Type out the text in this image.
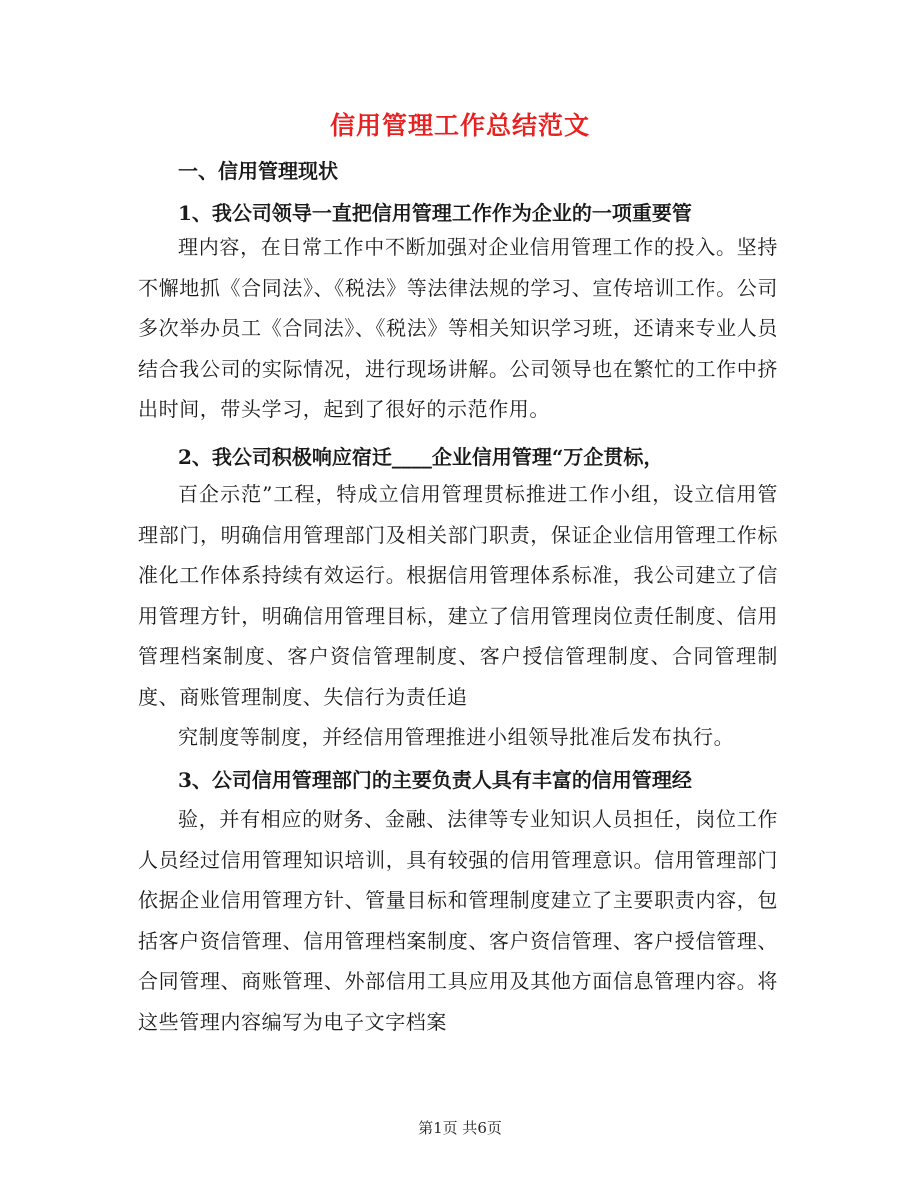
信用管理工作总结范文

一、信用管理现状

1、我公司领导一直把信用管理工作作为企业的一项重要管

理内容，在日常工作中不断加强对企业信用管理工作的投入。坚持不懈地抓《合同法》、《税法》等法律法规的学习、宣传培训工作。公司多次举办员工《合同法》、《税法》等相关知识学习班，还请来专业人员结合我公司的实际情况，进行现场讲解。公司领导也在繁忙的工作中挤出时间，带头学习，起到了很好的示范作用。

2、我公司积极响应宿迁____企业信用管理“万企贯标，

百企示范”工程，特成立信用管理贯标推进工作小组，设立信用管理部门，明确信用管理部门及相关部门职责，保证企业信用管理工作标准化工作体系持续有效运行。根据信用管理体系标准，我公司建立了信用管理方针，明确信用管理目标，建立了信用管理岗位责任制度、信用管理档案制度、客户资信管理制度、客户授信管理制度、合同管理制度、商账管理制度、失信行为责任追

究制度等制度，并经信用管理推进小组领导批准后发布执行。

3、公司信用管理部门的主要负责人具有丰富的信用管理经

验，并有相应的财务、金融、法律等专业知识人员担任，岗位工作人员经过信用管理知识培训，具有较强的信用管理意识。信用管理部门依据企业信用管理方针、管量目标和管理制度建立了主要职责内容，包括客户资信管理、信用管理档案制度、客户资信管理、客户授信管理、合同管理、商账管理、外部信用工具应用及其他方面信息管理内容。将这些管理内容编写为电子文字档案

第1页 共6页
